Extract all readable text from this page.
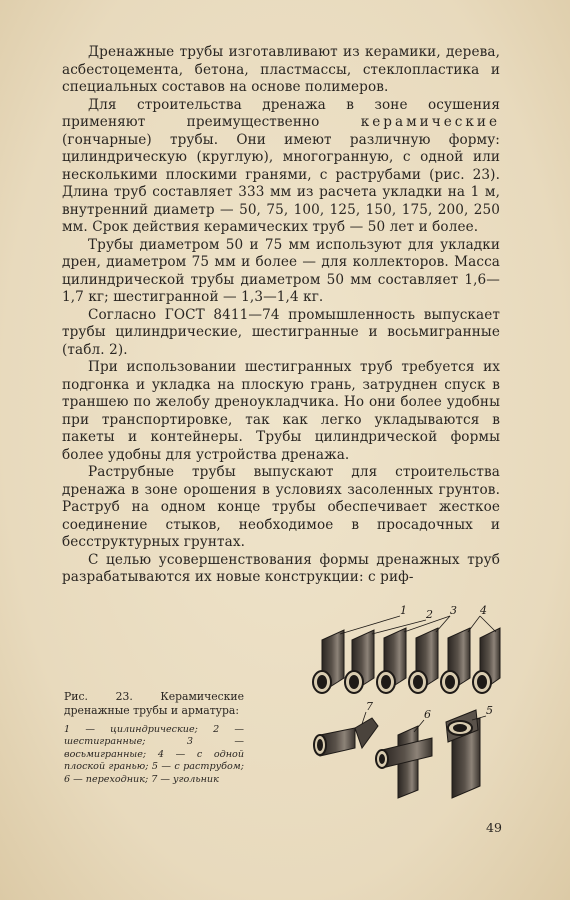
Дренажные трубы изготавливают из керамики, дерева, асбестоцемента, бетона, пластмассы, стеклопластика и специальных составов на основе полимеров.

Для строительства дренажа в зоне осушения применяют преимущественно керамические (гончарные) трубы. Они имеют различную форму: цилиндрическую (круглую), многогранную, с одной или несколькими плоскими гранями, с раструбами (рис. 23). Длина труб составляет 333 мм из расчета укладки на 1 м, внутренний диаметр — 50, 75, 100, 125, 150, 175, 200, 250 мм. Срок действия керамических труб — 50 лет и более.

Трубы диаметром 50 и 75 мм используют для укладки дрен, диаметром 75 мм и более — для коллекторов. Масса цилиндрической трубы диаметром 50 мм составляет 1,6—1,7 кг; шестигранной — 1,3—1,4 кг.

Согласно ГОСТ 8411—74 промышленность выпускает трубы цилиндрические, шестигранные и восьмигранные (табл. 2).

При использовании шестигранных труб требуется их подгонка и укладка на плоскую грань, затруднен спуск в траншею по желобу дреноукладчика. Но они более удобны при транспортировке, так как легко укладываются в пакеты и контейнеры. Трубы цилиндрической формы более удобны для устройства дренажа.

Раструбные трубы выпускают для строительства дренажа в зоне орошения в условиях засоленных грунтов. Раструб на одном конце трубы обеспечивает жесткое соединение стыков, необходимое в просадочных и бесструктурных грунтах.

С целью усовершенствования формы дренажных труб разрабатываются их новые конструкции: с риф-

Рис. 23. Керамические дренажные трубы и арматура:
1 — цилиндрические; 2 — шестигранные; 3 — восьмигранные; 4 — с одной плоской гранью; 5 — с раструбом; 6 — переходник; 7 — угольник
1 2 3 4
5
6
7
49
